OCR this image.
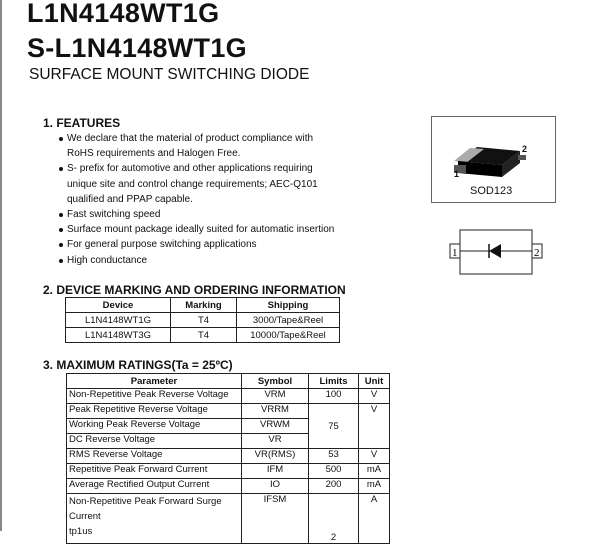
L1N4148WT1G
S-L1N4148WT1G
SURFACE MOUNT SWITCHING DIODE
1. FEATURES
We declare that the material of product compliance with
RoHS requirements and Halogen Free.
S- prefix for automotive and other applications requiring
unique site and control change requirements; AEC-Q101
qualified and PPAP capable.
Fast switching speed
Surface mount package ideally suited for automatic insertion
For general purpose switching applications
High conductance
2
1
SOD123
1	2
2. DEVICE MARKING AND ORDERING INFORMATION
Device	Marking	Shipping
L1N4148WT1G	T4	3000/Tape&Reel
L1N4148WT3G	T4	10000/Tape&Reel
3. MAXIMUM RATINGS(Ta = 25ºC)
Parameter	Symbol	Limits	Unit
Non-Repetitive Peak Reverse Voltage	VRM	100	V
Peak Repetitive Reverse Voltage	VRRM	75	V
Working Peak Reverse Voltage	VRWM		
DC Reverse Voltage	VR		
RMS Reverse Voltage	VR(RMS)	53	V
Repetitive Peak Forward Current	IFM	500	mA
Average Rectified Output Current	IO	200	mA

Non-Repetitive Peak Forward Surge
Current
tp1us	IFSM	2	A
